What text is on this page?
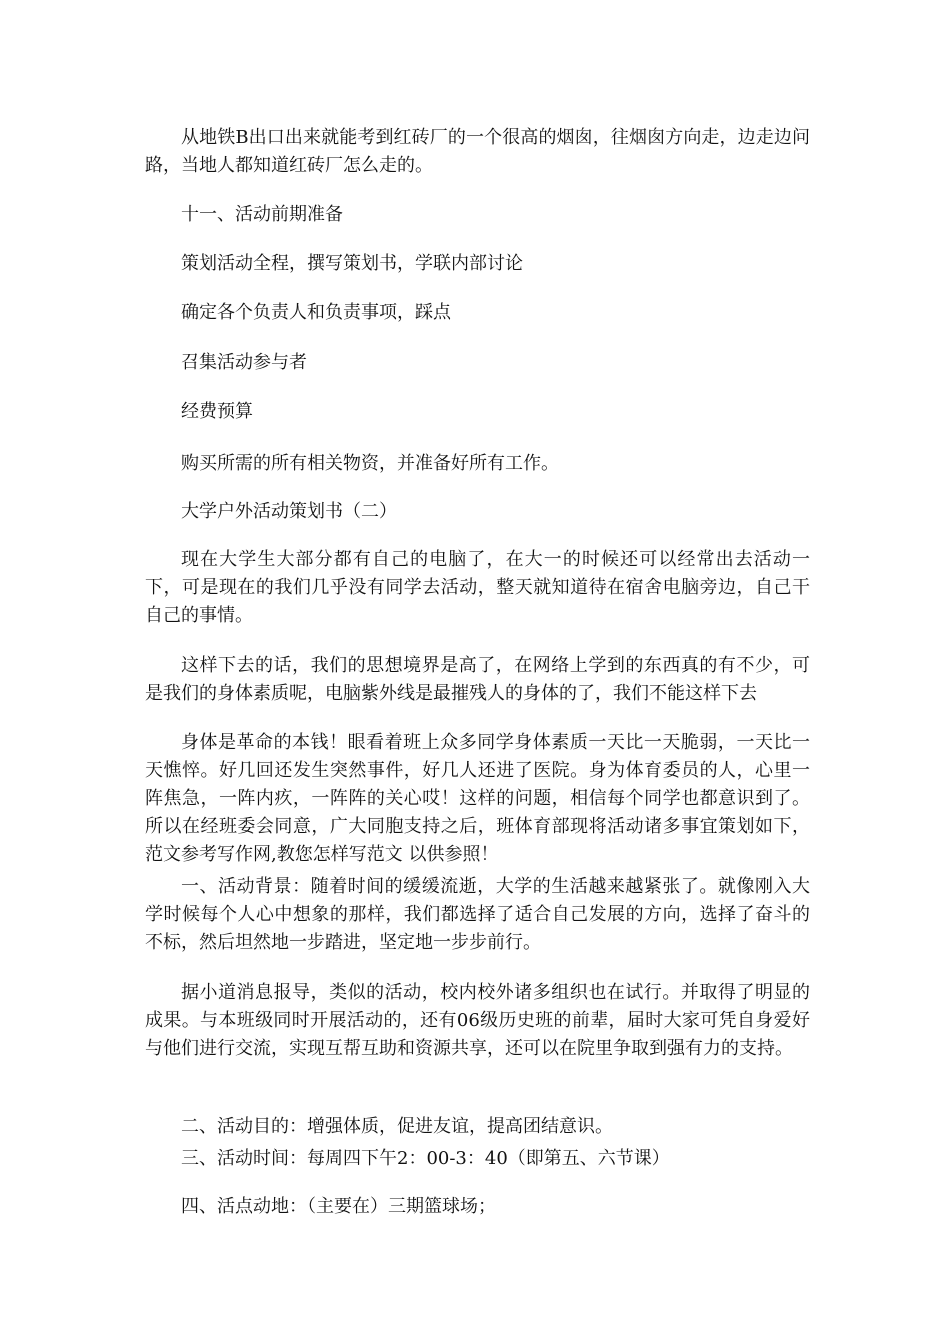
从地铁B出口出来就能考到红砖厂的一个很高的烟囱，往烟囱方向走，边走边问路，当地人都知道红砖厂怎么走的。

十一、活动前期准备

策划活动全程，撰写策划书，学联内部讨论

确定各个负责人和负责事项，踩点

召集活动参与者

经费预算

购买所需的所有相关物资，并准备好所有工作。

大学户外活动策划书（二）

现在大学生大部分都有自己的电脑了，在大一的时候还可以经常出去活动一下，可是现在的我们几乎没有同学去活动，整天就知道待在宿舍电脑旁边，自己干自己的事情。

这样下去的话，我们的思想境界是高了，在网络上学到的东西真的有不少，可是我们的身体素质呢，电脑紫外线是最摧残人的身体的了，我们不能这样下去

身体是革命的本钱！眼看着班上众多同学身体素质一天比一天脆弱，一天比一天憔悴。好几回还发生突然事件，好几人还进了医院。身为体育委员的人，心里一阵焦急，一阵内疚，一阵阵的关心哎！这样的问题，相信每个同学也都意识到了。所以在经班委会同意，广大同胞支持之后，班体育部现将活动诸多事宜策划如下，范文参考写作网,教您怎样写范文 以供参照！

一、活动背景：随着时间的缓缓流逝，大学的生活越来越紧张了。就像刚入大学时候每个人心中想象的那样，我们都选择了适合自己发展的方向，选择了奋斗的不标，然后坦然地一步踏进，坚定地一步步前行。

据小道消息报导，类似的活动，校内校外诸多组织也在试行。并取得了明显的成果。与本班级同时开展活动的，还有06级历史班的前辈，届时大家可凭自身爱好与他们进行交流，实现互帮互助和资源共享，还可以在院里争取到强有力的支持。

二、活动目的：增强体质，促进友谊，提高团结意识。

三、活动时间：每周四下午2：00-3：40（即第五、六节课）

四、活点动地：（主要在）三期篮球场；
